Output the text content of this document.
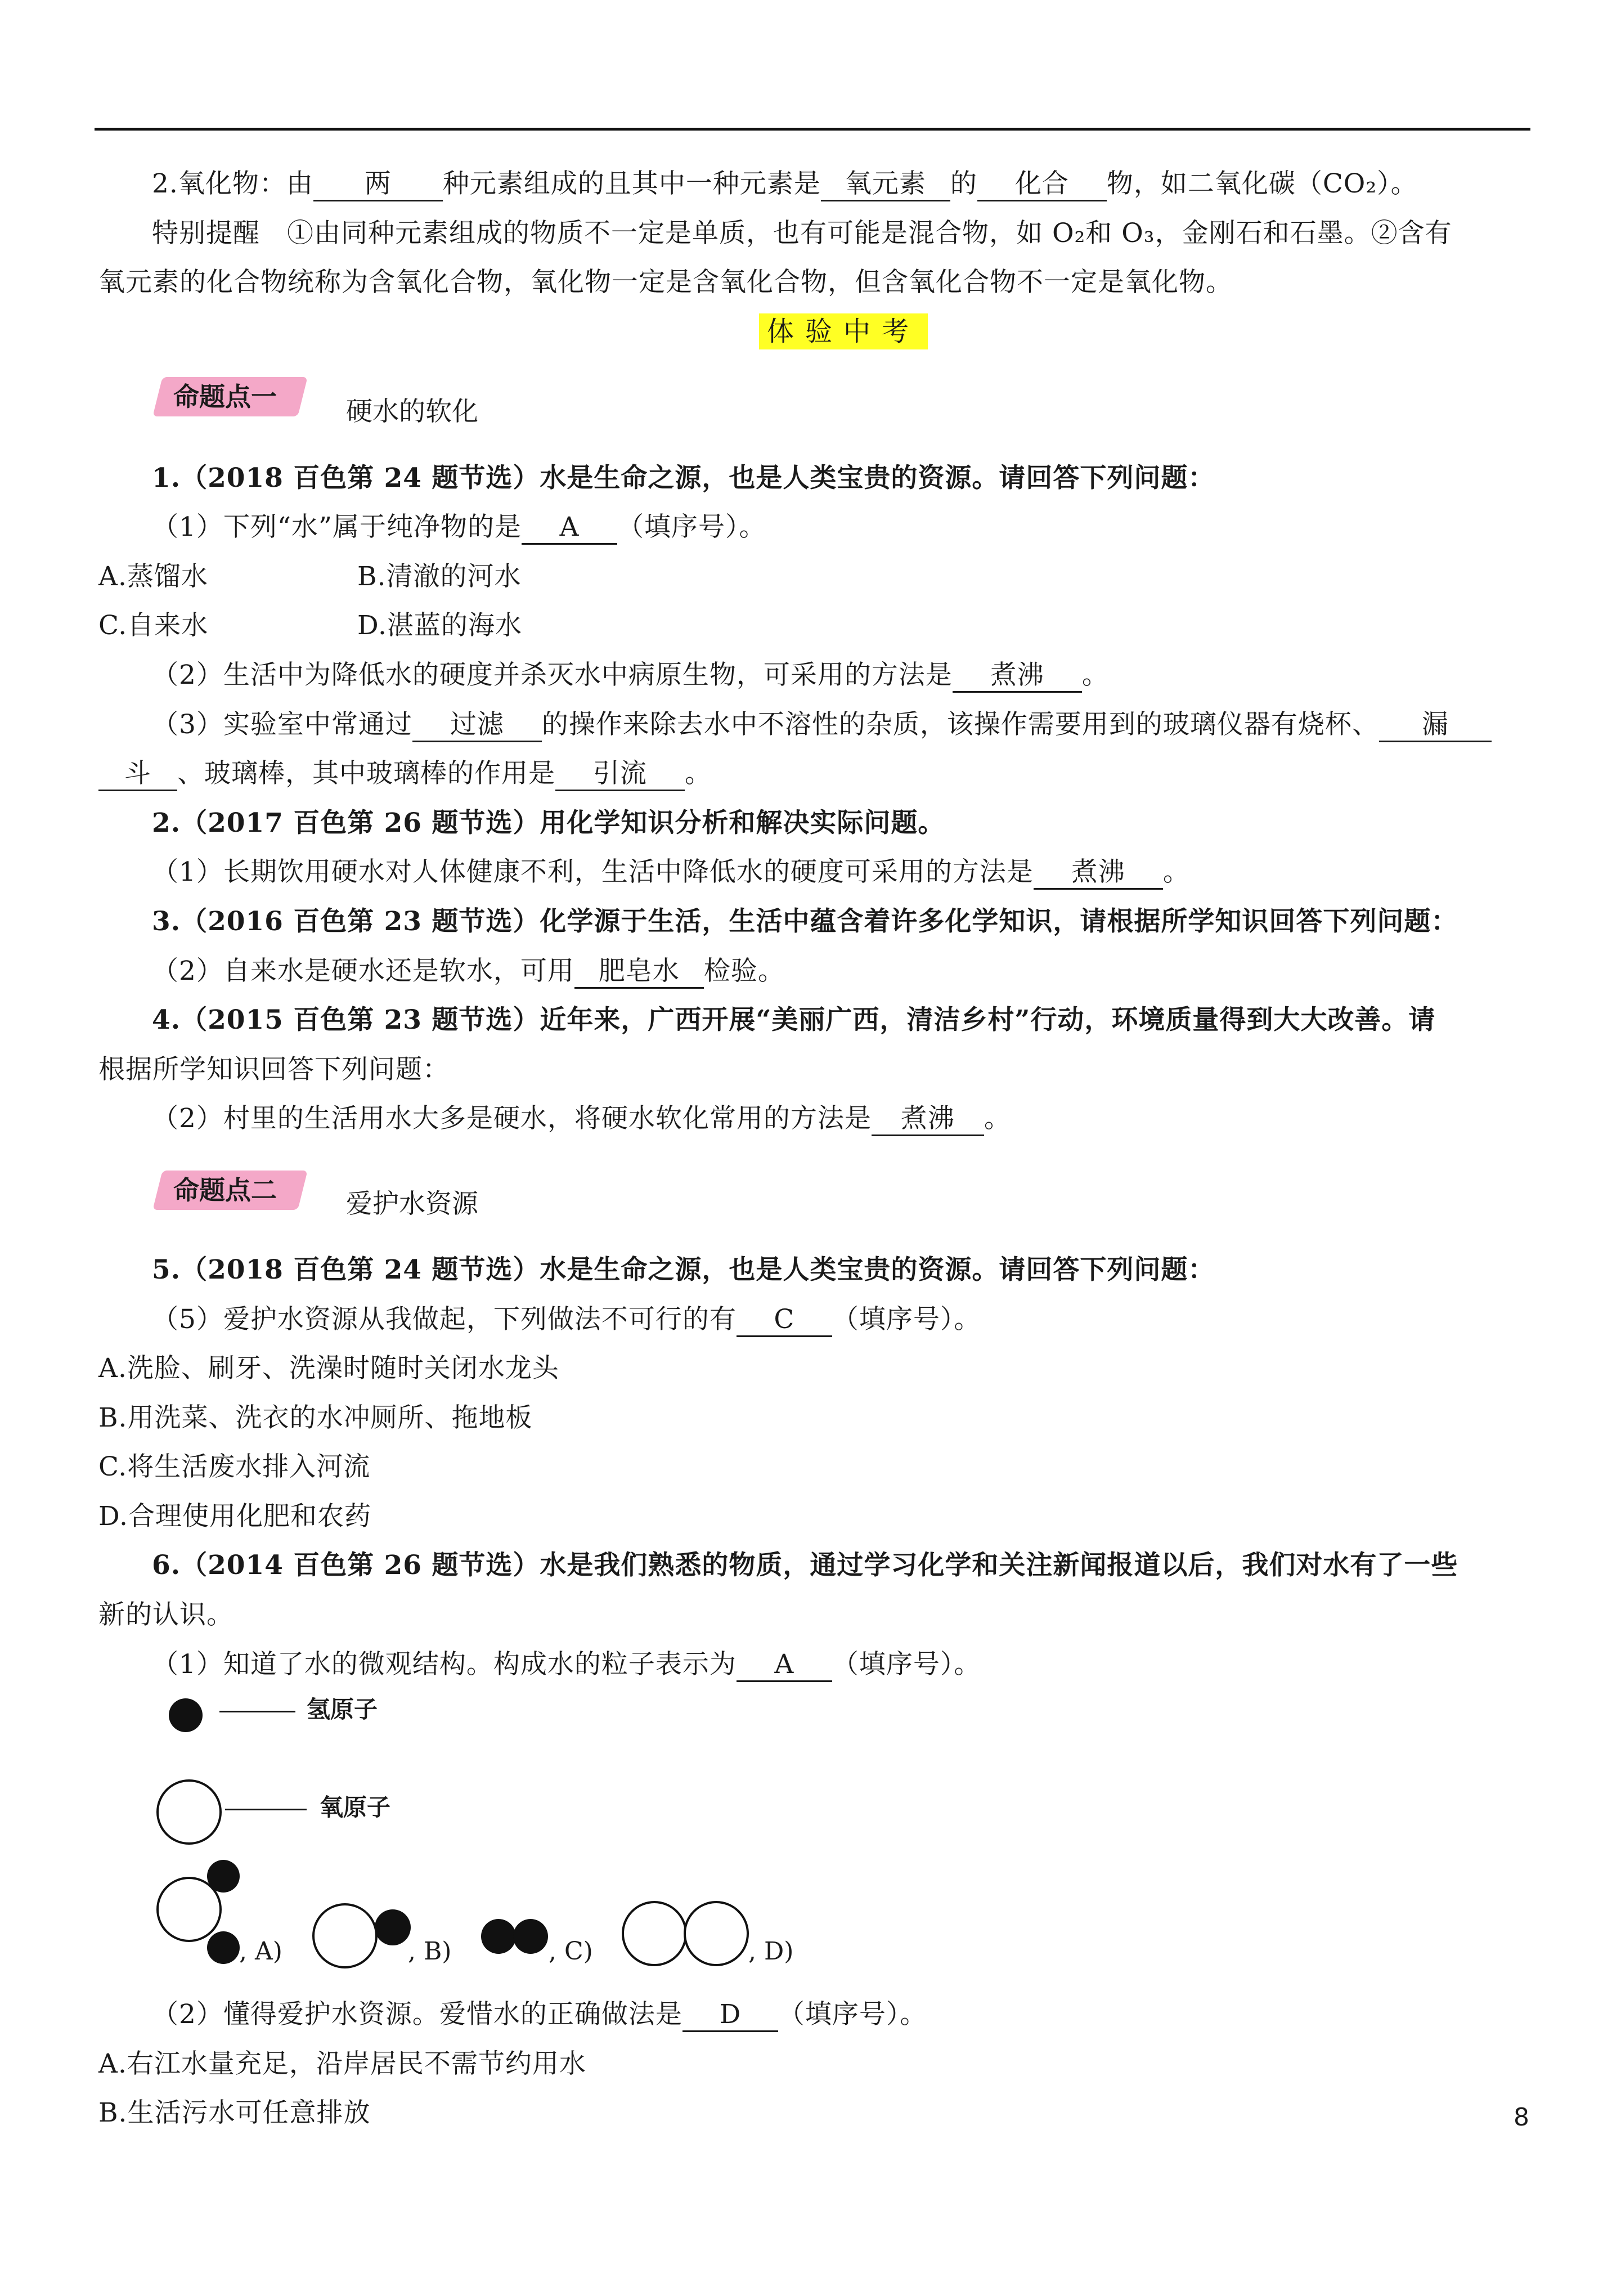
2.氧化物：由 两 种元素组成的且其中一种元素是 氧元素 的 化合 物，如二氧化碳（CO₂）。
特别提醒　①由同种元素组成的物质不一定是单质，也有可能是混合物，如 O₂和 O₃，金刚石和石墨。②含有
氧元素的化合物统称为含氧化合物，氧化物一定是含氧化合物，但含氧化合物不一定是氧化物。
体验中考
命题点一	硬水的软化
1.（2018 百色第 24 题节选）水是生命之源，也是人类宝贵的资源。请回答下列问题：
（1）下列“水”属于纯净物的是 A （填序号）。
A.蒸馏水	B.清澈的河水
C.自来水	D.湛蓝的海水
（2）生活中为降低水的硬度并杀灭水中病原生物，可采用的方法是 煮沸 。
（3）实验室中常通过 过滤 的操作来除去水中不溶性的杂质，该操作需要用到的玻璃仪器有烧杯、 漏
斗 、玻璃棒，其中玻璃棒的作用是 引流 。
2.（2017 百色第 26 题节选）用化学知识分析和解决实际问题。
（1）长期饮用硬水对人体健康不利，生活中降低水的硬度可采用的方法是 煮沸 。
3.（2016 百色第 23 题节选）化学源于生活，生活中蕴含着许多化学知识，请根据所学知识回答下列问题：
（2）自来水是硬水还是软水，可用 肥皂水 检验。
4.（2015 百色第 23 题节选）近年来，广西开展“美丽广西，清洁乡村”行动，环境质量得到大大改善。请
根据所学知识回答下列问题：
（2）村里的生活用水大多是硬水，将硬水软化常用的方法是 煮沸 。
命题点二	爱护水资源
5.（2018 百色第 24 题节选）水是生命之源，也是人类宝贵的资源。请回答下列问题：
（5）爱护水资源从我做起，下列做法不可行的有 C （填序号）。
A.洗脸、刷牙、洗澡时随时关闭水龙头
B.用洗菜、洗衣的水冲厕所、拖地板
C.将生活废水排入河流
D.合理使用化肥和农药
6.（2014 百色第 26 题节选）水是我们熟悉的物质，通过学习化学和关注新闻报道以后，我们对水有了一些
新的认识。
（1）知道了水的微观结构。构成水的粒子表示为 A （填序号）。
氢原子
氧原子
, A)	, B)	, C)	, D)
（2）懂得爱护水资源。爱惜水的正确做法是 D （填序号）。
A.右江水量充足，沿岸居民不需节约用水
B.生活污水可任意排放	8
